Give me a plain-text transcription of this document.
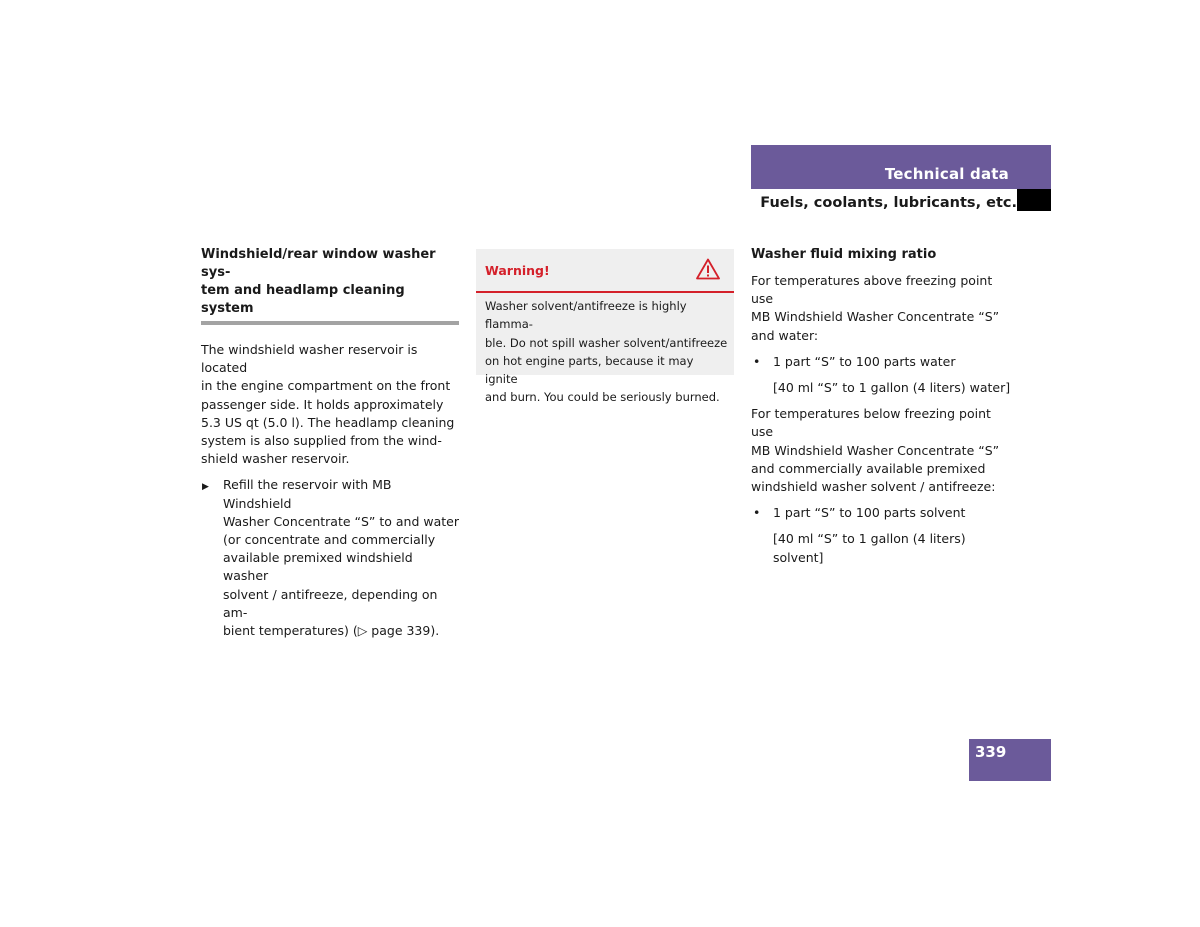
Technical data
Fuels, coolants, lubricants, etc.
Windshield/rear window washer sys-
tem and headlamp cleaning system

The windshield washer reservoir is located
in the engine compartment on the front
passenger side. It holds approximately
5.3 US qt (5.0 l). The headlamp cleaning
system is also supplied from the wind-
shield washer reservoir.

▶ Refill the reservoir with MB Windshield
Washer Concentrate “S” to and water
(or concentrate and commercially
available premixed windshield washer
solvent / antifreeze, depending on am-
bient temperatures) (▷ page 339).
Warning!
Washer solvent/antifreeze is highly flamma-
ble. Do not spill washer solvent/antifreeze
on hot engine parts, because it may ignite
and burn. You could be seriously burned.
Washer fluid mixing ratio

For temperatures above freezing point use
MB Windshield Washer Concentrate “S”
and water:

• 1 part “S” to 100 parts water
[40 ml “S” to 1 gallon (4 liters) water]

For temperatures below freezing point use
MB Windshield Washer Concentrate “S”
and commercially available premixed
windshield washer solvent / antifreeze:

• 1 part “S” to 100 parts solvent
[40 ml “S” to 1 gallon (4 liters) solvent]
339
